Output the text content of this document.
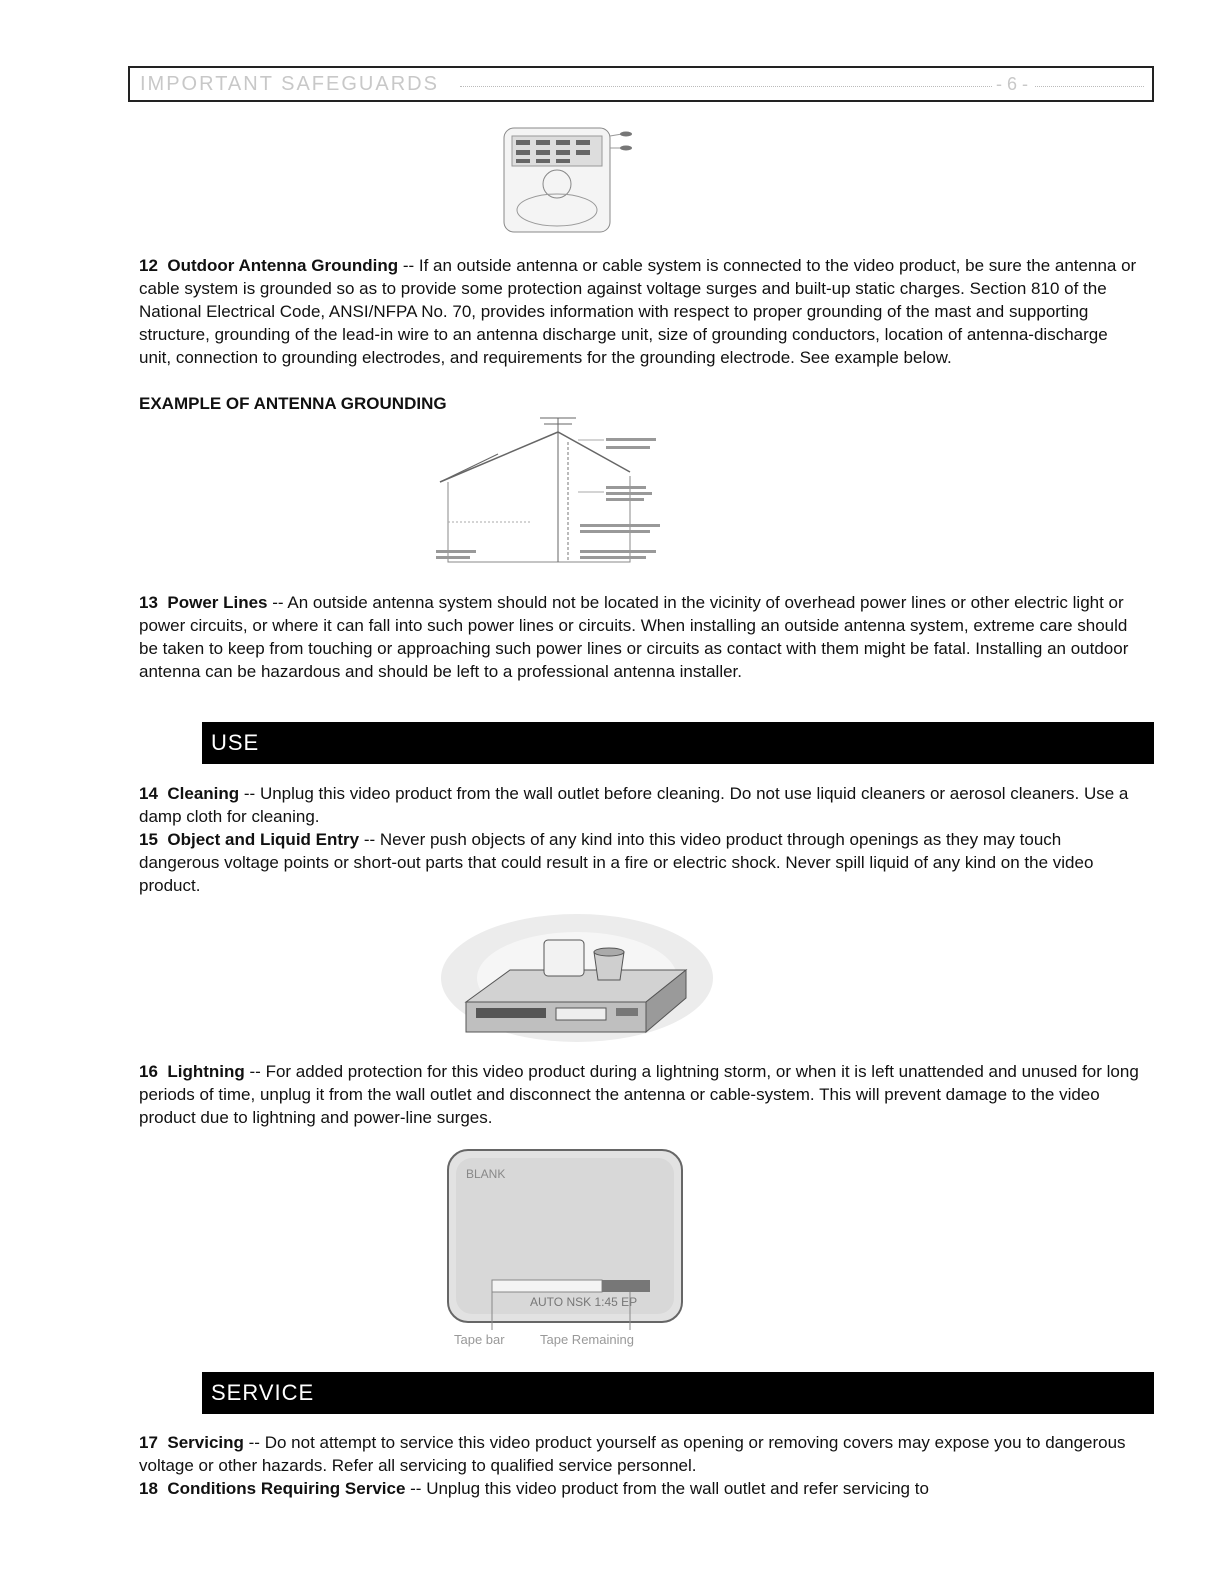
IMPORTANT SAFEGUARDS	- 6 -

12 Outdoor Antenna Grounding -- If an outside antenna or cable system is connected to the video product, be sure the antenna or cable system is grounded so as to provide some protection against voltage surges and built-up static charges. Section 810 of the National Electrical Code, ANSI/NFPA No. 70, provides information with respect to proper grounding of the mast and supporting structure, grounding of the lead-in wire to an antenna discharge unit, size of grounding conductors, location of antenna-discharge unit, connection to grounding electrodes, and requirements for the grounding electrode. See example below.

EXAMPLE OF ANTENNA GROUNDING

13 Power Lines -- An outside antenna system should not be located in the vicinity of overhead power lines or other electric light or power circuits, or where it can fall into such power lines or circuits. When installing an outside antenna system, extreme care should be taken to keep from touching or approaching such power lines or circuits as contact with them might be fatal. Installing an outdoor antenna can be hazardous and should be left to a professional antenna installer.

USE

14 Cleaning -- Unplug this video product from the wall outlet before cleaning. Do not use liquid cleaners or aerosol cleaners. Use a damp cloth for cleaning.

15 Object and Liquid Entry -- Never push objects of any kind into this video product through openings as they may touch dangerous voltage points or short-out parts that could result in a fire or electric shock. Never spill liquid of any kind on the video product.

16 Lightning -- For added protection for this video product during a lightning storm, or when it is left unattended and unused for long periods of time, unplug it from the wall outlet and disconnect the antenna or cable-system. This will prevent damage to the video product due to lightning and power-line surges.

BLANK
AUTO NSK 1:45 EP
Tape bar	Tape Remaining
SERVICE

17 Servicing -- Do not attempt to service this video product yourself as opening or removing covers may expose you to dangerous voltage or other hazards. Refer all servicing to qualified service personnel.

18 Conditions Requiring Service -- Unplug this video product from the wall outlet and refer servicing to
